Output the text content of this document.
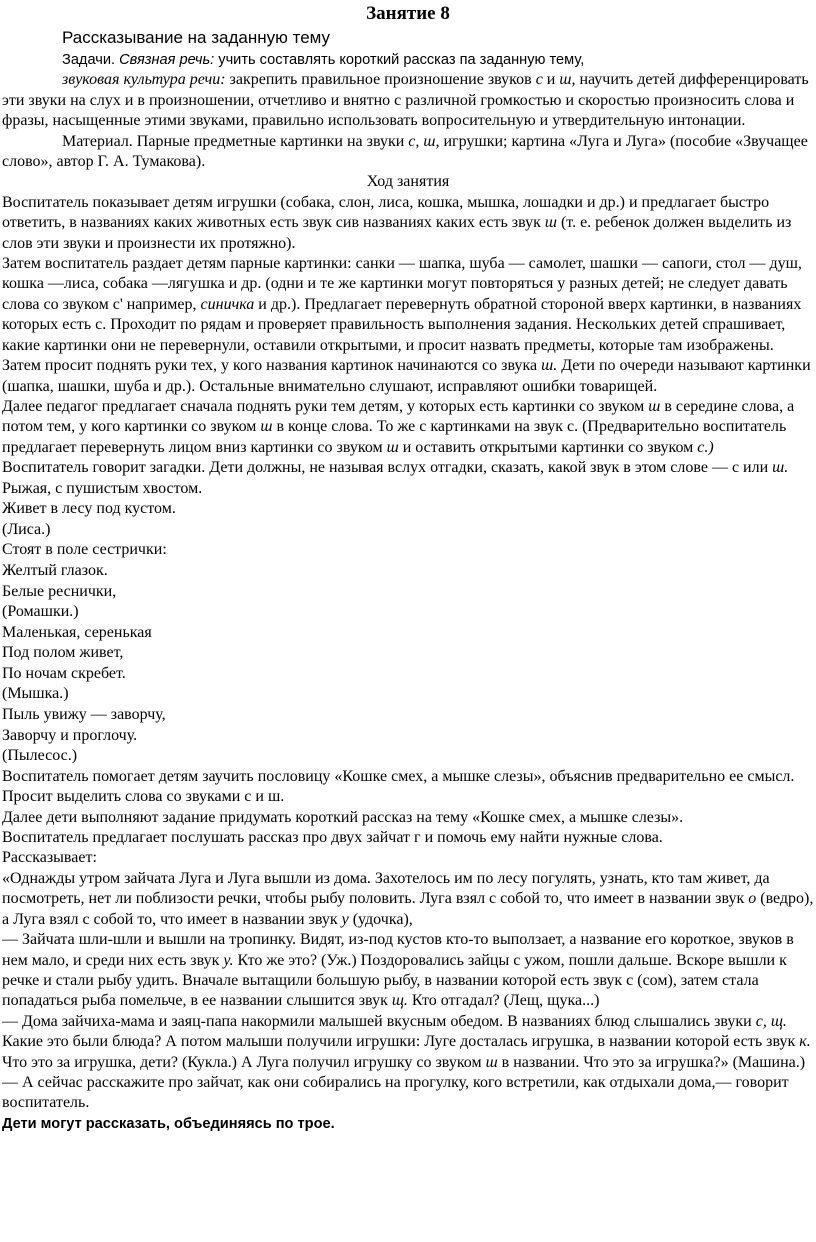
Занятие 8

Рассказывание на заданную тему

Задачи. Связная речь: учить составлять короткий рассказ па заданную тему,

звуковая культура речи: закрепить правильное произношение звуков с и ш, научить детей дифференцировать эти звуки на слух и в произношении, отчетливо и внятно с различной громкостью и скоростью произносить слова и фразы, насыщенные этими звуками, правильно использовать вопросительную и утвердительную интонации.

Материал. Парные предметные картинки на звуки с, ш, игрушки; картина «Луга и Луга» (пособие «Звучащее слово», автор Г. А. Тумакова).

Ход занятия

Воспитатель показывает детям игрушки (собака, слон, лиса, кошка, мышка, лошадки и др.) и предлагает быстро ответить, в названиях каких животных есть звук сив названиях каких есть звук ш (т. е. ребенок должен выделить из слов эти звуки и произнести их протяжно).

Затем воспитатель раздает детям парные картинки: санки — шапка, шуба — самолет, шашки — сапоги, стол — душ, кошка —лиса, собака —лягушка и др. (одни и те же картинки могут повторяться у разных детей; не следует давать слова со звуком с' например, синичка и др.). Предлагает перевернуть обратной стороной вверх картинки, в названиях которых есть с. Проходит по рядам и проверяет правильность выполнения задания. Нескольких детей спрашивает, какие картинки они не перевернули, оставили открытыми, и просит назвать предметы, которые там изображены. Затем просит поднять руки тех, у кого названия картинок начинаются со звука ш. Дети по очереди называют картинки (шапка, шашки, шуба и др.). Остальные внимательно слушают, исправляют ошибки товарищей.

Далее педагог предлагает сначала поднять руки тем детям, у которых есть картинки со звуком ш в середине слова, а потом тем, у кого картинки со звуком ш в конце слова. То же с картинками на звук с. (Предварительно воспитатель предлагает перевернуть лицом вниз картинки со звуком ш и оставить открытыми картинки со звуком с.)

Воспитатель говорит загадки. Дети должны, не называя вслух отгадки, сказать, какой звук в этом слове — с или ш.

Рыжая, с пушистым хвостом.

Живет в лесу под кустом.

(Лиса.)

Стоят в поле сестрички:

Желтый глазок.

Белые реснички,

(Ромашки.)

Маленькая, серенькая

Под полом живет,

По ночам скребет.

(Мышка.)

Пыль увижу — заворчу,

Заворчу и проглочу.

(Пылесос.)

Воспитатель помогает детям заучить пословицу «Кошке смех, а мышке слезы», объяснив предварительно ее смысл. Просит выделить слова со звуками с и ш.

Далее дети выполняют задание придумать короткий рассказ на тему «Кошке смех, а мышке слезы».

Воспитатель предлагает послушать рассказ про двух зайчат г и помочь ему найти нужные слова.

Рассказывает:

«Однажды утром зайчата Луга и Луга вышли из дома. Захотелось им по лесу погулять, узнать, кто там живет, да посмотреть, нет ли поблизости речки, чтобы рыбу половить. Луга взял с собой то, что имеет в названии звук о (ведро), а Луга взял с собой то, что имеет в названии звук у (удочка),

— Зайчата шли-шли и вышли на тропинку. Видят, из-под кустов кто-то выползает, а название его короткое, звуков в нем мало, и среди них есть звук у. Кто же это? (Уж.) Поздоровались зайцы с ужом, пошли дальше. Вскоре вышли к речке и стали рыбу удить. Вначале вытащили большую рыбу, в названии которой есть звук с (сом), затем стала попадаться рыба помельче, в ее названии слышится звук щ. Кто отгадал? (Лещ, щука...)

— Дома зайчиха-мама и заяц-папа накормили малышей вкусным обедом. В названиях блюд слышались звуки с, щ. Какие это были блюда? А потом малыши получили игрушки: Луге досталась игрушка, в названии которой есть звук к. Что это за игрушка, дети? (Кукла.) А Луга получил игрушку со звуком ш в названии. Что это за игрушка?» (Машина.)

— А сейчас расскажите про зайчат, как они собирались на прогулку, кого встретили, как отдыхали дома,— говорит воспитатель.

Дети могут рассказать, объединяясь по трое.
